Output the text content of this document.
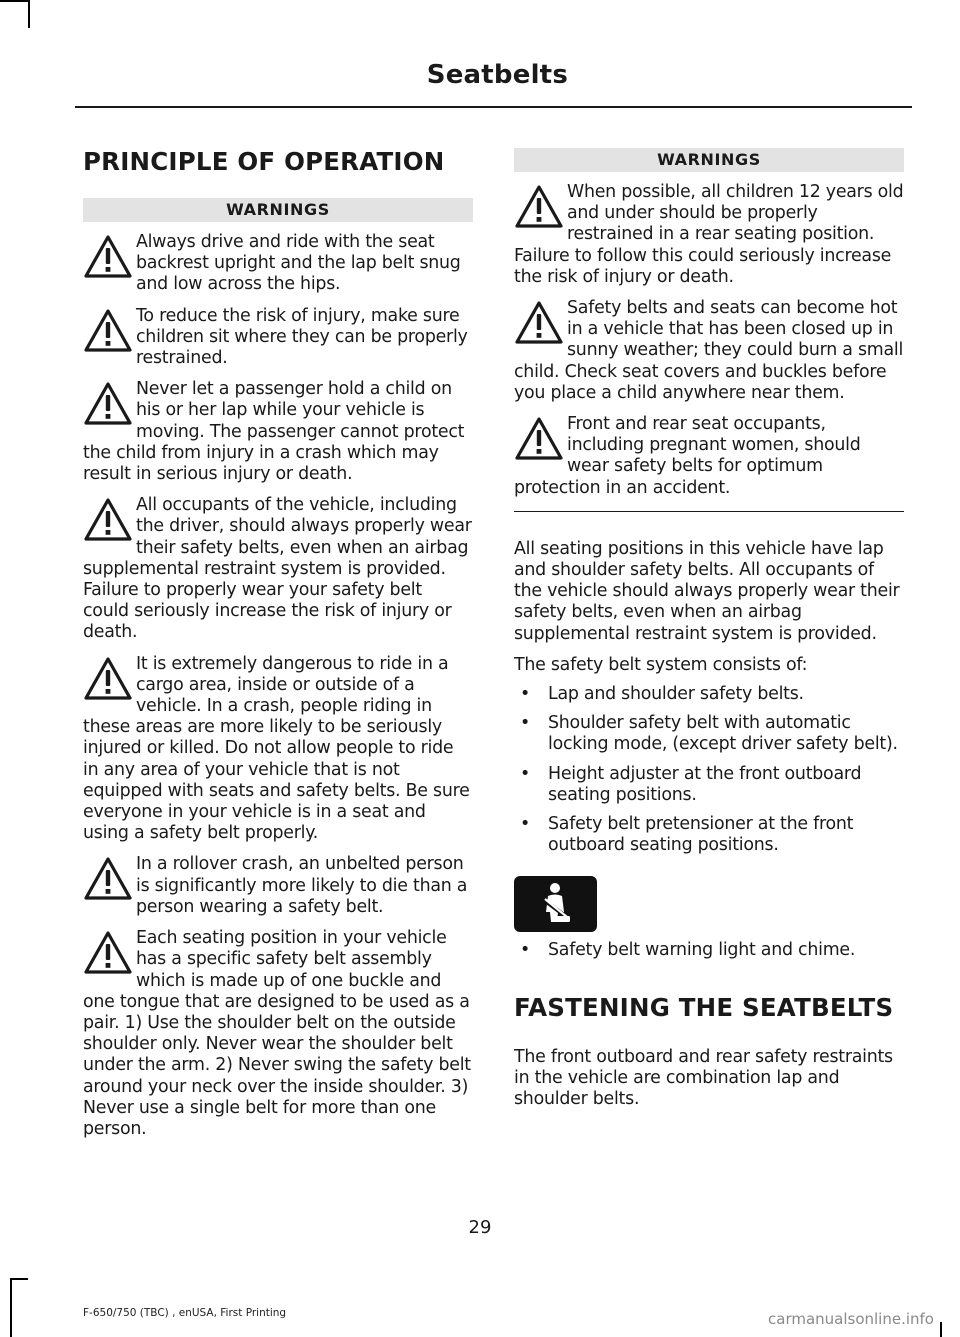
Seatbelts
PRINCIPLE OF OPERATION
WARNINGS
Always drive and ride with the seat backrest upright and the lap belt snug and low across the hips.
To reduce the risk of injury, make sure children sit where they can be properly restrained.
Never let a passenger hold a child on his or her lap while your vehicle is moving. The passenger cannot protect the child from injury in a crash which may result in serious injury or death.
All occupants of the vehicle, including the driver, should always properly wear their safety belts, even when an airbag supplemental restraint system is provided. Failure to properly wear your safety belt could seriously increase the risk of injury or death.
It is extremely dangerous to ride in a cargo area, inside or outside of a vehicle. In a crash, people riding in these areas are more likely to be seriously injured or killed. Do not allow people to ride in any area of your vehicle that is not equipped with seats and safety belts. Be sure everyone in your vehicle is in a seat and using a safety belt properly.
In a rollover crash, an unbelted person is significantly more likely to die than a person wearing a safety belt.
Each seating position in your vehicle has a specific safety belt assembly which is made up of one buckle and one tongue that are designed to be used as a pair. 1) Use the shoulder belt on the outside shoulder only. Never wear the shoulder belt under the arm. 2) Never swing the safety belt around your neck over the inside shoulder. 3) Never use a single belt for more than one person.
WARNINGS
When possible, all children 12 years old and under should be properly restrained in a rear seating position. Failure to follow this could seriously increase the risk of injury or death.
Safety belts and seats can become hot in a vehicle that has been closed up in sunny weather; they could burn a small child. Check seat covers and buckles before you place a child anywhere near them.
Front and rear seat occupants, including pregnant women, should wear safety belts for optimum protection in an accident.

All seating positions in this vehicle have lap and shoulder safety belts. All occupants of the vehicle should always properly wear their safety belts, even when an airbag supplemental restraint system is provided.

The safety belt system consists of:

• Lap and shoulder safety belts.
• Shoulder safety belt with automatic locking mode, (except driver safety belt).
• Height adjuster at the front outboard seating positions.
• Safety belt pretensioner at the front outboard seating positions.
• Safety belt warning light and chime.
FASTENING THE SEATBELTS

The front outboard and rear safety restraints in the vehicle are combination lap and shoulder belts.

29
F-650/750 (TBC) , enUSA, First Printing	carmanualsonline.info
